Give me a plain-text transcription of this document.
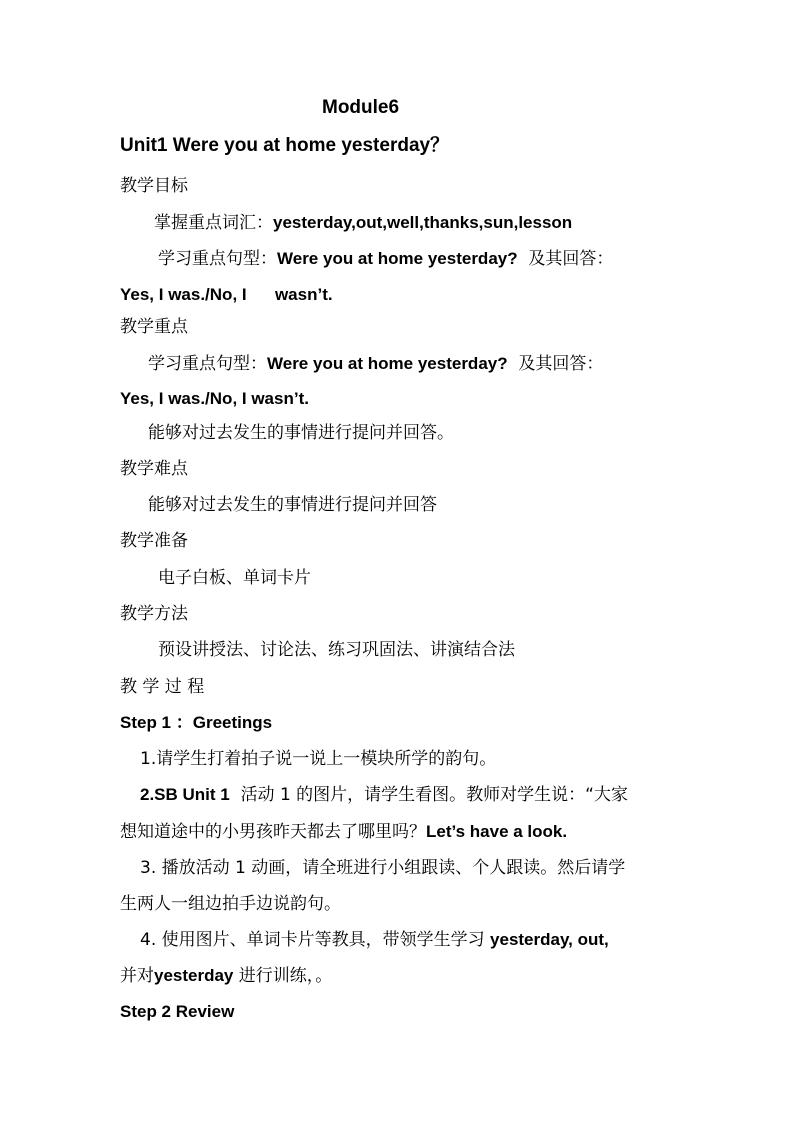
Module6
Unit1 Were you at home yesterday？
教学目标
掌握重点词汇：yesterday,out,well,thanks,sun,lesson
学习重点句型：Were you at home yesterday? 及其回答：
Yes, I was./No, I      wasn’t.
教学重点
学习重点句型：Were you at home yesterday? 及其回答：
Yes, I was./No, I wasn’t.
能够对过去发生的事情进行提问并回答。
教学难点
能够对过去发生的事情进行提问并回答
教学准备
电子白板、单词卡片
教学方法
预设讲授法、讨论法、练习巩固法、讲演结合法
教 学 过 程
Step 1 ：Greetings
1.请学生打着拍子说一说上一模块所学的韵句。
2.SB Unit 1 活动 1 的图片，请学生看图。教师对学生说：“大家
想知道途中的小男孩昨天都去了哪里吗？Let’s have a look.
3. 播放活动 1 动画，请全班进行小组跟读、个人跟读。然后请学
生两人一组边拍手边说韵句。
4. 使用图片、单词卡片等教具，带领学生学习 yesterday, out,
并对yesterday 进行训练，。
Step 2 Review
